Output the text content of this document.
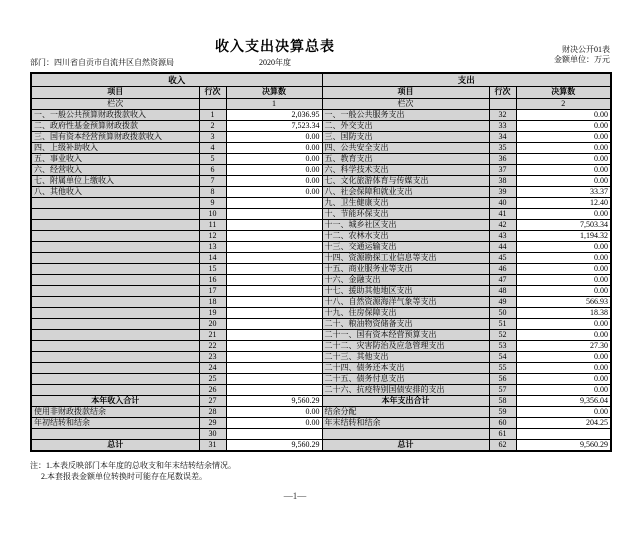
收入支出决算总表	财决公开01表
金额单位：万元
部门：四川省自贡市自流井区自然资源局	2020年度
收入			支出		
项目	行次	决算数	项目	行次	决算数
栏次		1	栏次		2
一、一般公共预算财政拨款收入	1	2,036.95	一、一般公共服务支出	32	0.00
二、政府性基金预算财政拨款	2	7,523.34	二、外交支出	33	0.00
三、国有资本经营预算财政拨款收入	3	0.00	三、国防支出	34	0.00
四、上级补助收入	4	0.00	四、公共安全支出	35	0.00
五、事业收入	5	0.00	五、教育支出	36	0.00
六、经营收入	6	0.00	六、科学技术支出	37	0.00
七、附属单位上缴收入	7	0.00	七、文化旅游体育与传媒支出	38	0.00
八、其他收入	8	0.00	八、社会保障和就业支出	39	33.37
	9		九、卫生健康支出	40	12.40
	10		十、节能环保支出	41	0.00
	11		十一、城乡社区支出	42	7,503.34
	12		十二、农林水支出	43	1,194.32
	13		十三、交通运输支出	44	0.00
	14		十四、资源勘探工业信息等支出	45	0.00
	15		十五、商业服务业等支出	46	0.00
	16		十六、金融支出	47	0.00
	17		十七、援助其他地区支出	48	0.00
	18		十八、自然资源海洋气象等支出	49	566.93
	19		十九、住房保障支出	50	18.38
	20		二十、粮油物资储备支出	51	0.00
	21		二十一、国有资本经营预算支出	52	0.00
	22		二十二、灾害防治及应急管理支出	53	27.30
	23		二十三、其他支出	54	0.00
	24		二十四、债务还本支出	55	0.00
	25		二十五、债务付息支出	56	0.00
	26		二十六、抗疫特别国债安排的支出	57	0.00
本年收入合计	27	9,560.29	本年支出合计	58	9,356.04
使用非财政拨款结余	28	0.00	结余分配	59	0.00
年初结转和结余	29	0.00	年末结转和结余	60	204.25
	30			61	
总计	31	9,560.29	总计	62	9,560.29
注：1.本表反映部门本年度的总收支和年末结转结余情况。
2.本套报表金额单位转换时可能存在尾数误差。
—1—
